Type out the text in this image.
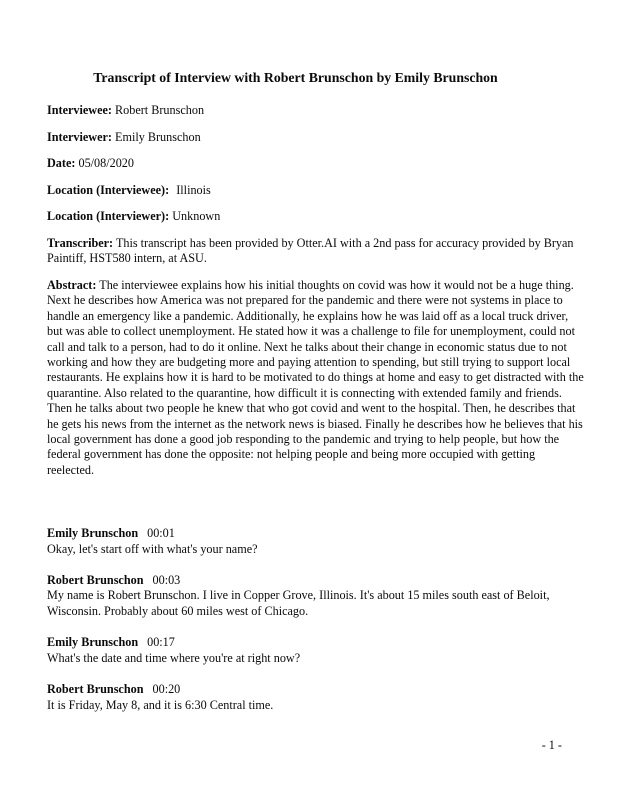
Transcript of Interview with Robert Brunschon by Emily Brunschon

Interviewee: Robert Brunschon

Interviewer: Emily Brunschon

Date: 05/08/2020

Location (Interviewee): Illinois

Location (Interviewer): Unknown

Transcriber: This transcript has been provided by Otter.AI with a 2nd pass for accuracy provided by Bryan Paintiff, HST580 intern, at ASU.

Abstract: The interviewee explains how his initial thoughts on covid was how it would not be a huge thing. Next he describes how America was not prepared for the pandemic and there were not systems in place to handle an emergency like a pandemic. Additionally, he explains how he was laid off as a local truck driver, but was able to collect unemployment. He stated how it was a challenge to file for unemployment, could not call and talk to a person, had to do it online. Next he talks about their change in economic status due to not working and how they are budgeting more and paying attention to spending, but still trying to support local restaurants. He explains how it is hard to be motivated to do things at home and easy to get distracted with the quarantine. Also related to the quarantine, how difficult it is connecting with extended family and friends. Then he talks about two people he knew that who got covid and went to the hospital. Then, he describes that he gets his news from the internet as the network news is biased. Finally he describes how he believes that his local government has done a good job responding to the pandemic and trying to help people, but how the federal government has done the opposite: not helping people and being more occupied with getting reelected.

Emily Brunschon 00:01

Okay, let's start off with what's your name?

Robert Brunschon 00:03

My name is Robert Brunschon. I live in Copper Grove, Illinois. It's about 15 miles south east of Beloit, Wisconsin. Probably about 60 miles west of Chicago.

Emily Brunschon 00:17

What's the date and time where you're at right now?

Robert Brunschon 00:20

It is Friday, May 8, and it is 6:30 Central time.

- 1 -
